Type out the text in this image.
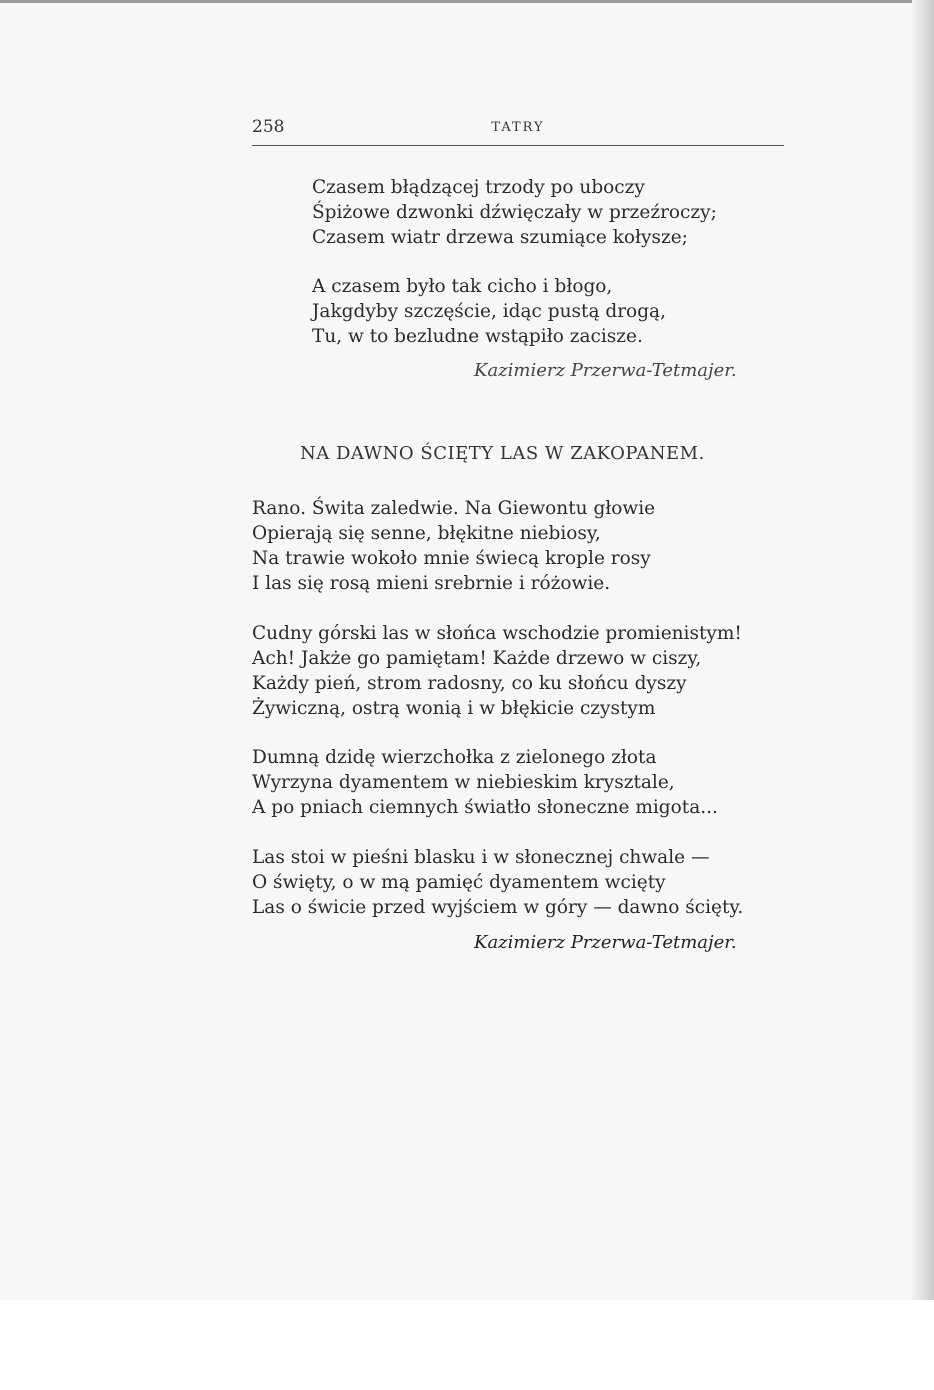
258	TATRY
Czasem błądzącej trzody po uboczy
Śpiżowe dzwonki dźwięczały w przeźroczy;
Czasem wiatr drzewa szumiące kołysze;
A czasem było tak cicho i błogo,
Jakgdyby szczęście, idąc pustą drogą,
Tu, w to bezludne wstąpiło zacisze.
Kazimierz Przerwa-Tetmajer.
NA DAWNO ŚCIĘTY LAS W ZAKOPANEM.
Rano. Świta zaledwie. Na Giewontu głowie
Opierają się senne, błękitne niebiosy,
Na trawie wokoło mnie świecą krople rosy
I las się rosą mieni srebrnie i różowie.
Cudny górski las w słońca wschodzie promienistym!
Ach! Jakże go pamiętam! Każde drzewo w ciszy,
Każdy pień, strom radosny, co ku słońcu dyszy
Żywiczną, ostrą wonią i w błękicie czystym
Dumną dzidę wierzchołka z zielonego złota
Wyrzyna dyamentem w niebieskim krysztale,
A po pniach ciemnych światło słoneczne migota...
Las stoi w pieśni blasku i w słonecznej chwale —
O święty, o w mą pamięć dyamentem wcięty
Las o świcie przed wyjściem w góry — dawno ścięty.
Kazimierz Przerwa-Tetmajer.
